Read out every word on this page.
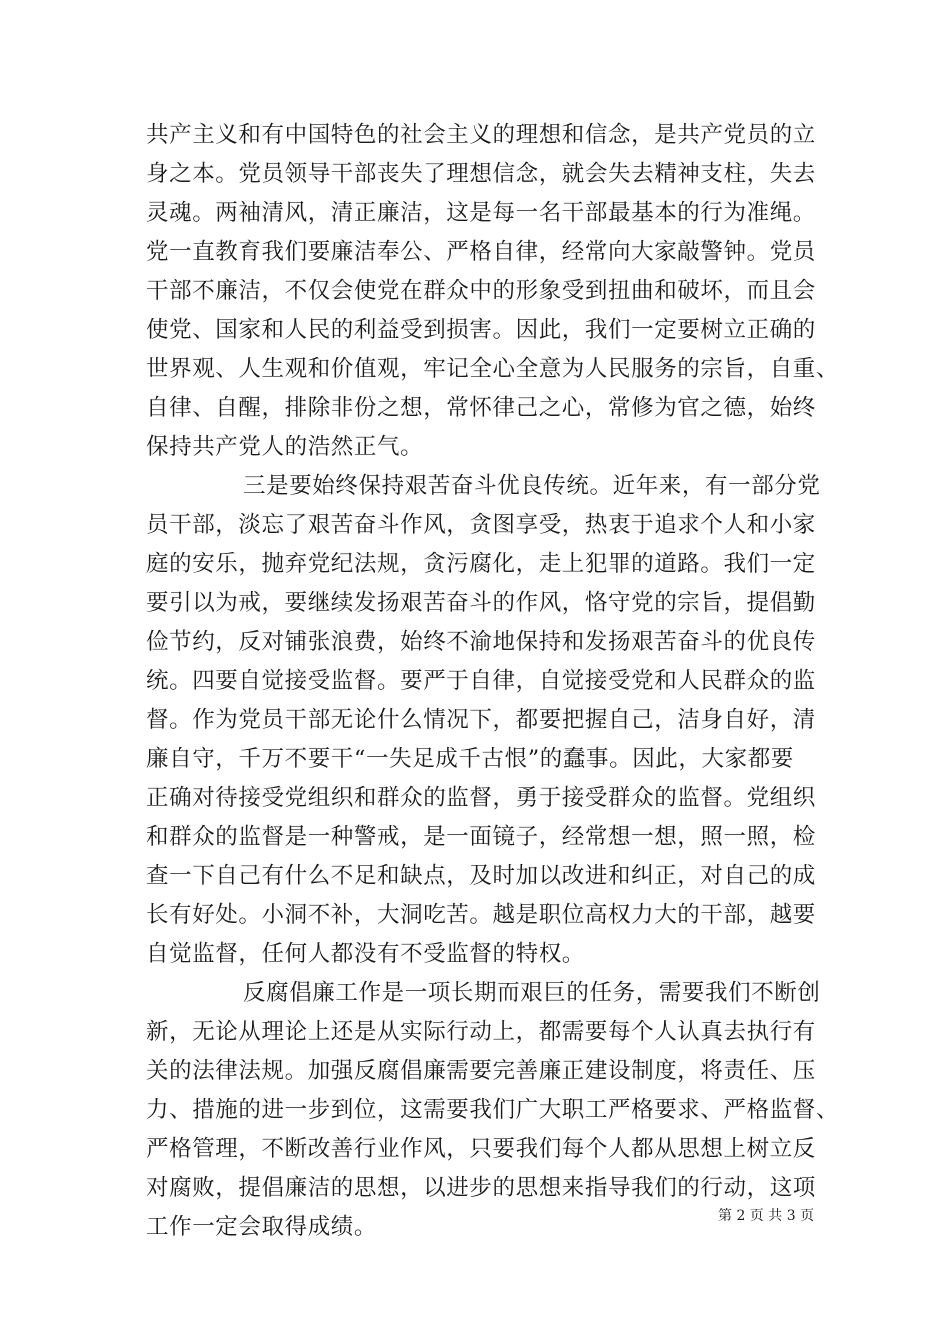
共产主义和有中国特色的社会主义的理想和信念，是共产党员的立
身之本。党员领导干部丧失了理想信念，就会失去精神支柱，失去
灵魂。两袖清风，清正廉洁，这是每一名干部最基本的行为准绳。
党一直教育我们要廉洁奉公、严格自律，经常向大家敲警钟。党员
干部不廉洁，不仅会使党在群众中的形象受到扭曲和破坏，而且会
使党、国家和人民的利益受到损害。因此，我们一定要树立正确的
世界观、人生观和价值观，牢记全心全意为人民服务的宗旨，自重、
自律、自醒，排除非份之想，常怀律己之心，常修为官之德，始终
保持共产党人的浩然正气。
三是要始终保持艰苦奋斗优良传统。近年来，有一部分党
员干部，淡忘了艰苦奋斗作风，贪图享受，热衷于追求个人和小家
庭的安乐，抛弃党纪法规，贪污腐化，走上犯罪的道路。我们一定
要引以为戒，要继续发扬艰苦奋斗的作风，恪守党的宗旨，提倡勤
俭节约，反对铺张浪费，始终不渝地保持和发扬艰苦奋斗的优良传
统。四要自觉接受监督。要严于自律，自觉接受党和人民群众的监
督。作为党员干部无论什么情况下，都要把握自己，洁身自好，清
廉自守，千万不要干“一失足成千古恨”的蠢事。因此，大家都要
正确对待接受党组织和群众的监督，勇于接受群众的监督。党组织
和群众的监督是一种警戒，是一面镜子，经常想一想，照一照，检
查一下自己有什么不足和缺点，及时加以改进和纠正，对自己的成
长有好处。小洞不补，大洞吃苦。越是职位高权力大的干部，越要
自觉监督，任何人都没有不受监督的特权。
反腐倡廉工作是一项长期而艰巨的任务，需要我们不断创
新，无论从理论上还是从实际行动上，都需要每个人认真去执行有
关的法律法规。加强反腐倡廉需要完善廉正建设制度，将责任、压
力、措施的进一步到位，这需要我们广大职工严格要求、严格监督、
严格管理，不断改善行业作风，只要我们每个人都从思想上树立反
对腐败，提倡廉洁的思想，以进步的思想来指导我们的行动，这项
工作一定会取得成绩。	第 2 页 共 3 页
